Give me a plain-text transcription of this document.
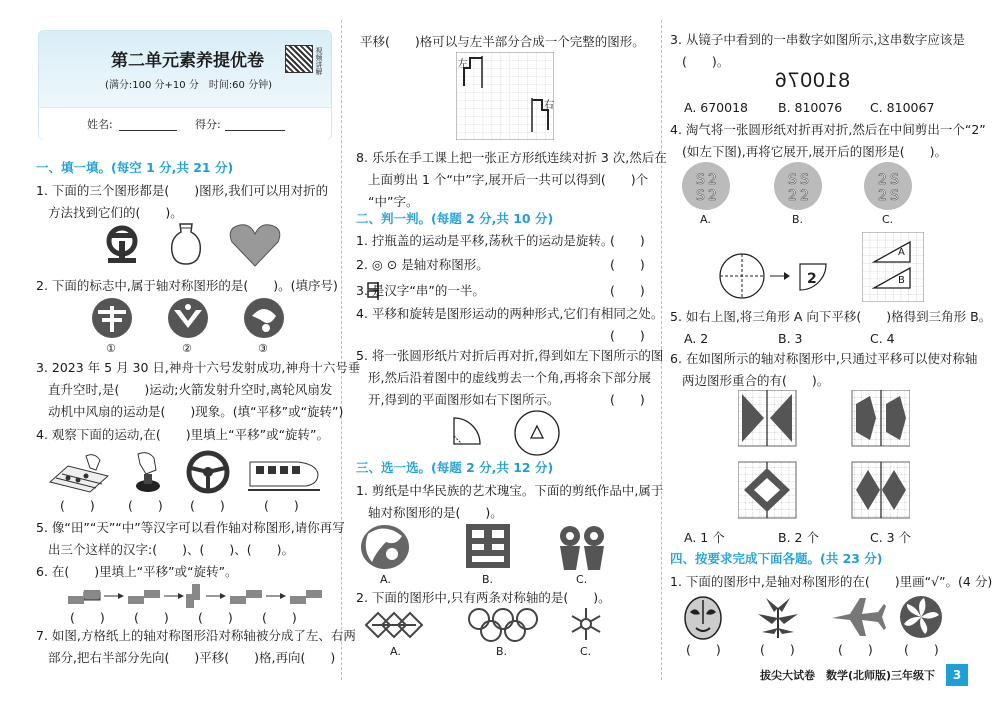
第二单元素养提优卷
(满分:100 分+10 分　时间:60 分钟)
视频讲解
姓名:	得分:
一、填一填。(每空 1 分,共 21 分)
1. 下面的三个图形都是(　　)图形,我们可以用对折的
方法找到它们的(　　)。
2. 下面的标志中,属于轴对称图形的是(　　)。(填序号)
①	②	③
3. 2023 年 5 月 30 日,神舟十六号发射成功,神舟十六号垂
直升空时,是(　　)运动;火箭发射升空时,离轮风扇发
动机中风扇的运动是(　　)现象。(填“平移”或“旋转”)
4. 观察下面的运动,在(　　)里填上“平移”或“旋转”。
(　　)	(　　) (　　)	(　　)
5. 像“田”“天”“中”等汉字可以看作轴对称图形,请你再写
出三个这样的汉字:(　　)、(　　)、(　　)。
6. 在(　　)里填上“平移”或“旋转”。
(　　) (　　) (　　) (　　)
7. 如图,方格纸上的轴对称图形沿对称轴被分成了左、右两
部分,把右半部分先向(　　)平移(　　)格,再向(　　)
平移(　　)格可以与左半部分合成一个完整的图形。
左
右
8. 乐乐在手工课上把一张正方形纸连续对折 3 次,然后在
上面剪出 1 个“中”字,展开后一共可以得到(　　)个
“中”字。
二、判一判。(每题 2 分,共 10 分)
1. 拧瓶盖的运动是平移,荡秋千的运动是旋转。
(　　)
2. ◎ ⊙ 是轴对称图形。	(　　)
3. 是汉字“串”的一半。	(　　)
4. 平移和旋转是图形运动的两种形式,它们有相同之处。
(　　)
5. 将一张圆形纸片对折后再对折,得到如左下图所示的图
形,然后沿着图中的虚线剪去一个角,再将余下部分展
开,得到的平面图形如右下图所示。	(　　)
三、选一选。(每题 2 分,共 12 分)
1. 剪纸是中华民族的艺术瑰宝。下面的剪纸作品中,属于
轴对称图形的是(　　)。
A.	B.	C.
2. 下面的图形中,只有两条对称轴的是(　　)。
A.	B.	C.
3. 从镜子中看到的一串数字如图所示,这串数字应该是
(　　)。
810076
A. 670018 B. 810076 C. 810067
4. 淘气将一张圆形纸对折再对折,然后在中间剪出一个“2”
(如左下图),再将它展开,展开后的图形是(　　)。
S 2
S 2
S S
2 2
2 S
2 S
A.	B.	C.
2
A
B
5. 如右上图,将三角形 A 向下平移(　　)格得到三角形 B。
A. 2	B. 3	C. 4
6. 在如图所示的轴对称图形中,只通过平移可以使对称轴
两边图形重合的有(　　)。
A. 1 个	B. 2 个	C. 3 个
四、按要求完成下面各题。(共 23 分)
1. 下面的图形中,是轴对称图形的在(　　)里画“√”。(4 分)
(　　)	(　　)	(　　) (　　)
拔尖大试卷　数学(北师版)三年级下	3
